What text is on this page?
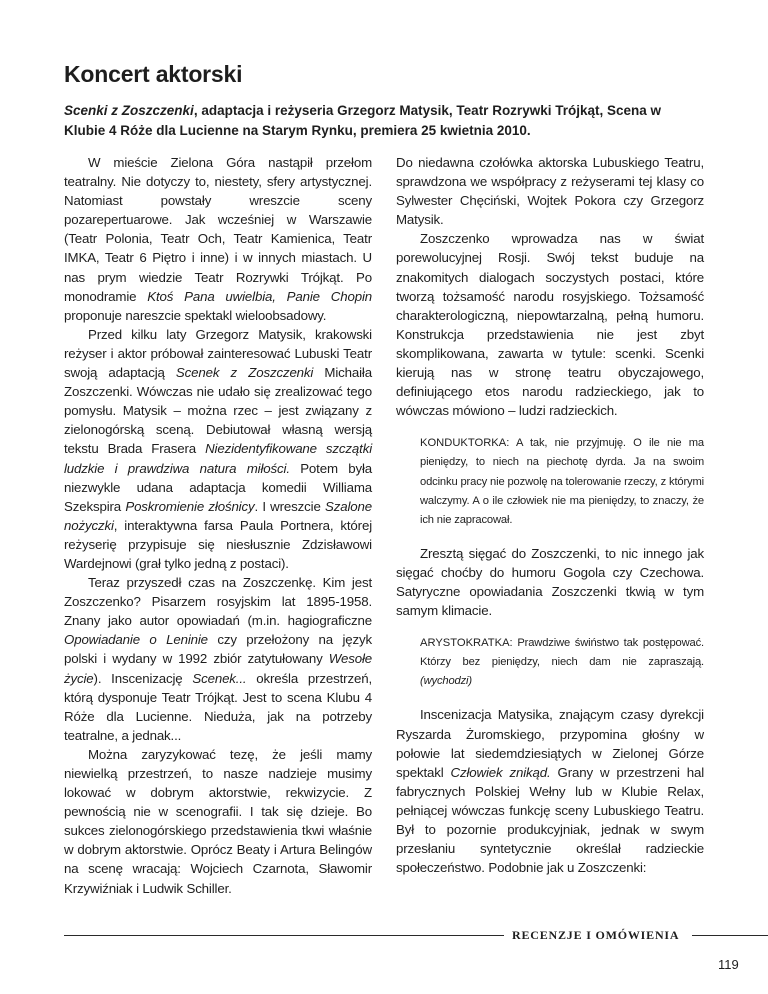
Koncert aktorski

Scenki z Zoszczenki, adaptacja i reżyseria Grzegorz Matysik, Teatr Rozrywki Trójkąt, Scena w Klubie 4 Róże dla Lucienne na Starym Rynku, premiera 25 kwietnia 2010.

W mieście Zielona Góra nastąpił przełom teatralny. Nie dotyczy to, niestety, sfery artystycznej. Natomiast powstały wreszcie sceny pozarepertuarowe. Jak wcześniej w Warszawie (Teatr Polonia, Teatr Och, Teatr Kamienica, Teatr IMKA, Teatr 6 Piętro i inne) i w innych miastach. U nas prym wiedzie Teatr Rozrywki Trójkąt. Po monodramie Ktoś Pana uwielbia, Panie Chopin proponuje nareszcie spektakl wieloobsadowy.

Przed kilku laty Grzegorz Matysik, krakowski reżyser i aktor próbował zainteresować Lubuski Teatr swoją adaptacją Scenek z Zoszczenki Michaiła Zoszczenki. Wówczas nie udało się zrealizować tego pomysłu. Matysik – można rzec – jest związany z zielonogórską sceną. Debiutował własną wersją tekstu Brada Frasera Niezidentyfikowane szczątki ludzkie i prawdziwa natura miłości. Potem była niezwykle udana adaptacja komedii Williama Szekspira Poskromienie złośnicy. I wreszcie Szalone nożyczki, interaktywna farsa Paula Portnera, której reżyserię przypisuje się niesłusznie Zdzisławowi Wardejnowi (grał tylko jedną z postaci).

Teraz przyszedł czas na Zoszczenkę. Kim jest Zoszczenko? Pisarzem rosyjskim lat 1895-1958. Znany jako autor opowiadań (m.in. hagiograficzne Opowiadanie o Leninie czy przełożony na język polski i wydany w 1992 zbiór zatytułowany Wesołe życie). Inscenizację Scenek... określa przestrzeń, którą dysponuje Teatr Trójkąt. Jest to scena Klubu 4 Róże dla Lucienne. Nieduża, jak na potrzeby teatralne, a jednak...

Można zaryzykować tezę, że jeśli mamy niewielką przestrzeń, to nasze nadzieje musimy lokować w dobrym aktorstwie, rekwizycie. Z pewnością nie w scenografii. I tak się dzieje. Bo sukces zielonogórskiego przedstawienia tkwi właśnie w dobrym aktorstwie. Oprócz Beaty i Artura Belingów na scenę wracają: Wojciech Czarnota, Sławomir Krzywiźniak i Ludwik Schiller.

Do niedawna czołówka aktorska Lubuskiego Teatru, sprawdzona we współpracy z reżyserami tej klasy co Sylwester Chęciński, Wojtek Pokora czy Grzegorz Matysik.

Zoszczenko wprowadza nas w świat porewolucyjnej Rosji. Swój tekst buduje na znakomitych dialogach soczystych postaci, które tworzą tożsamość narodu rosyjskiego. Tożsamość charakterologiczną, niepowtarzalną, pełną humoru. Konstrukcja przedstawienia nie jest zbyt skomplikowana, zawarta w tytule: scenki. Scenki kierują nas w stronę teatru obyczajowego, definiującego etos narodu radzieckiego, jak to wówczas mówiono – ludzi radzieckich.

KONDUKTORKA: A tak, nie przyjmuję. O ile nie ma pieniędzy, to niech na piechotę dyrda. Ja na swoim odcinku pracy nie pozwolę na tolerowanie rzeczy, z którymi walczymy. A o ile człowiek nie ma pieniędzy, to znaczy, że ich nie zapracował.

Zresztą sięgać do Zoszczenki, to nic innego jak sięgać choćby do humoru Gogola czy Czechowa. Satyryczne opowiadania Zoszczenki tkwią w tym samym klimacie.

ARYSTOKRATKA: Prawdziwe świństwo tak postępować. Którzy bez pieniędzy, niech dam nie zapraszają. (wychodzi)

Inscenizacja Matysika, znającym czasy dyrekcji Ryszarda Żuromskiego, przypomina głośny w połowie lat siedemdziesiątych w Zielonej Górze spektakl Człowiek znikąd. Grany w przestrzeni hal fabrycznych Polskiej Wełny lub w Klubie Relax, pełniącej wówczas funkcję sceny Lubuskiego Teatru. Był to pozornie produkcyjniak, jednak w swym przesłaniu syntetycznie określał radzieckie społeczeństwo. Podobnie jak u Zoszczenki:

RECENZJE I OMÓWIENIA
119
